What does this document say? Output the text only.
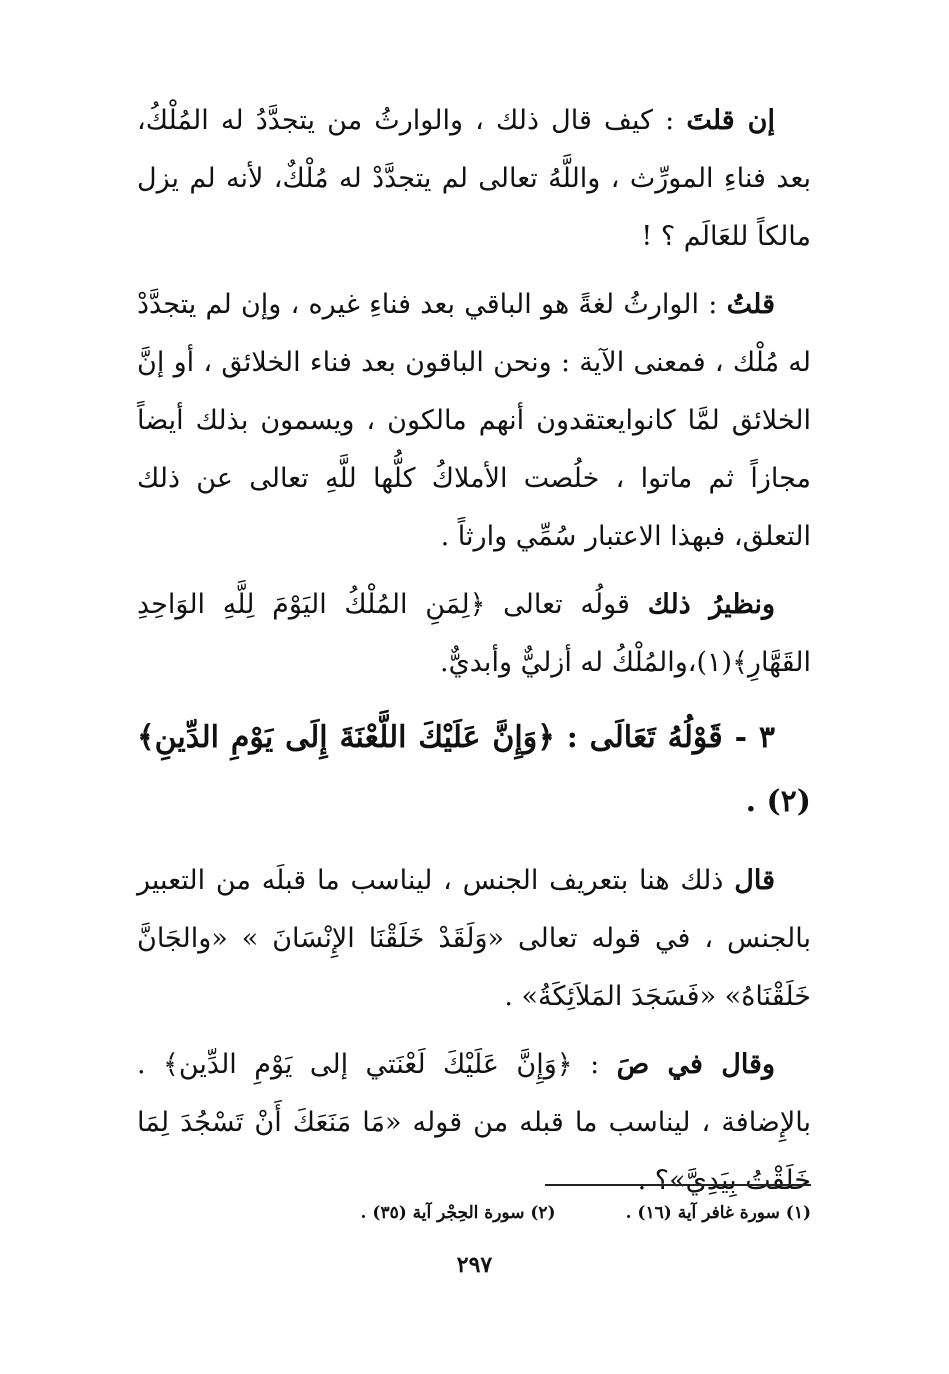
إن قلتَ : كيف قال ذلك ، والوارثُ من يتجدَّدُ له المُلْكُ، بعد فناءِ المورِّث ، واللَّهُ تعالى لم يتجدَّدْ له مُلْكٌ، لأنه لم يزل مالكاً للعَالَم ؟ !

قلتُ : الوارثُ لغةً هو الباقي بعد فناءِ غيره ، وإن لم يتجدَّدْ له مُلْك ، فمعنى الآية : ونحن الباقون بعد فناء الخلائق ، أو إنَّ الخلائق لمَّا كانوايعتقدون أنهم مالكون ، ويسمون بذلك أيضاً مجازاً ثم ماتوا ، خلُصت الأملاكُ كلُّها للَّهِ تعالى عن ذلك التعلق، فبهذا الاعتبار سُمِّي وارثاً .

ونظيرُ ذلك قولُه تعالى ﴿لِمَنِ المُلْكُ اليَوْمَ لِلَّهِ الوَاحِدِ القَهَّارِ﴾(١)،والمُلْكُ له أزليٌّ وأبديٌّ.

٣ - قَوْلُهُ تَعَالَى : ﴿وَإِنَّ عَلَيْكَ اللَّعْنَةَ إِلَى يَوْمِ الدِّينِ﴾(٢) .

قال ذلك هنا بتعريف الجنس ، ليناسب ما قبلَه من التعبير بالجنس ، في قوله تعالى «وَلَقَدْ خَلَقْنَا الإِنْسَانَ » «والجَانَّ خَلَقْنَاهُ» «فَسَجَدَ المَلاَئِكَةُ» .

وقال في صَ : ﴿وَإِنَّ عَلَيْكَ لَعْنَتي إلى يَوْمِ الدِّين﴾ . بالإِضافة ، ليناسب ما قبله من قوله «مَا مَنَعَكَ أَنْ تَسْجُدَ لِمَا خَلَقْتُ بِيَدِيَّ»؟ .

(١) سورة غافر آية (١٦) .
(٢) سورة الحِجْر آية (٣٥) .
٢٩٧
